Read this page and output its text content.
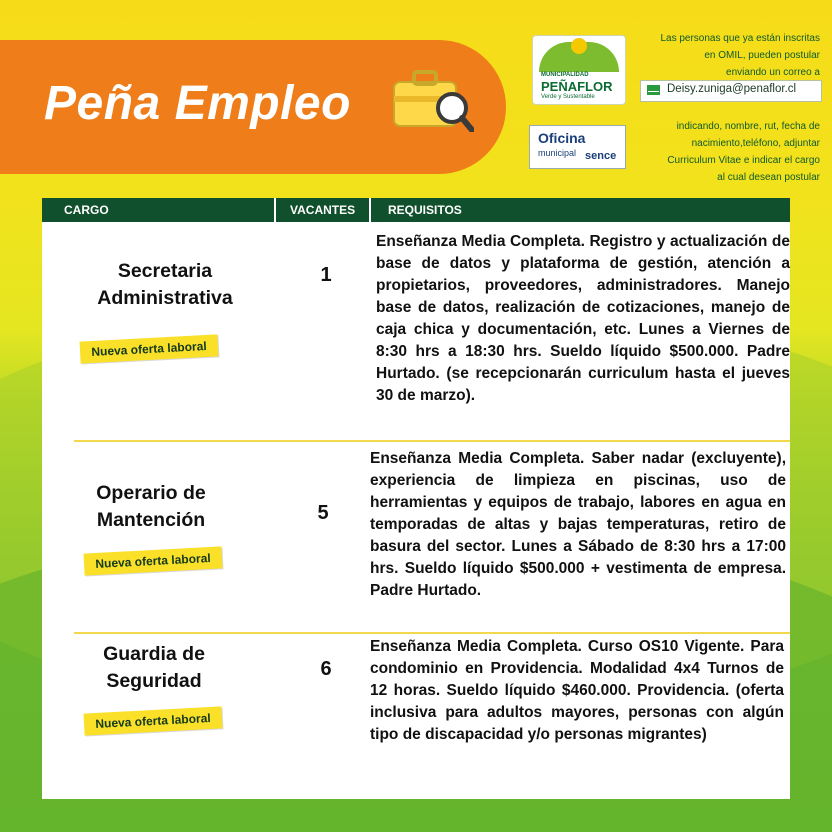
Peña Empleo
MUNICIPALIDAD
PEÑAFLOR
Verde y Sustentable
Oficina
municipal sence
Las personas que ya están inscritas
en OMIL, pueden postular
enviando un correo a
Deisy.zuniga@penaflor.cl
indicando, nombre, rut, fecha de
nacimiento,teléfono, adjuntar
Curriculum Vitae e indicar el cargo
al cual desean postular
CARGO	VACANTES	REQUISITOS
Secretaria
Administrativa
Nueva oferta laboral
1
Enseñanza Media Completa. Registro y actualización de base de datos y plataforma de gestión, atención a propietarios, proveedores, administradores. Manejo base de datos, realización de cotizaciones, manejo de caja chica y documentación, etc. Lunes a Viernes de 8:30 hrs a 18:30 hrs. Sueldo líquido $500.000. Padre Hurtado. (se recepcionarán curriculum hasta el jueves 30 de marzo).
Operario de
Mantención
Nueva oferta laboral
5
Enseñanza Media Completa. Saber nadar (excluyente), experiencia de limpieza en piscinas, uso de herramientas y equipos de trabajo, labores en agua en temporadas de altas y bajas temperaturas, retiro de basura del sector. Lunes a Sábado de 8:30 hrs a 17:00 hrs. Sueldo líquido $500.000 + vestimenta de empresa. Padre Hurtado.
Guardia de
Seguridad
Nueva oferta laboral
6
Enseñanza Media Completa. Curso OS10 Vigente. Para condominio en Providencia. Modalidad 4x4 Turnos de 12 horas. Sueldo líquido $460.000. Providencia. (oferta inclusiva para adultos mayores, personas con algún tipo de discapacidad y/o personas migrantes)
